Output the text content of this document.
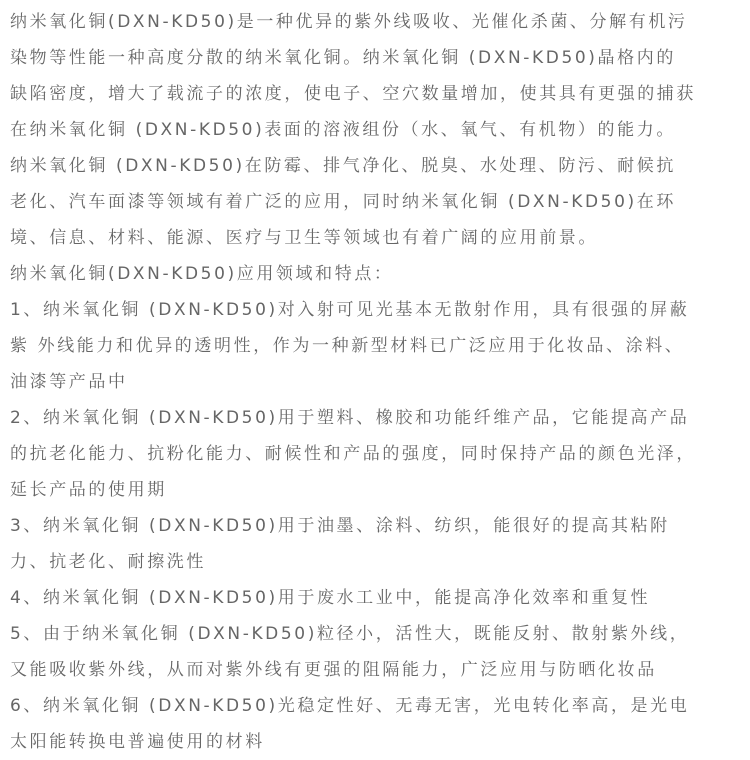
纳米氧化铜(DXN-KD50)是一种优异的紫外线吸收、光催化杀菌、分解有机污
染物等性能一种高度分散的纳米氧化铜。纳米氧化铜 (DXN-KD50)晶格内的
缺陷密度，增大了载流子的浓度，使电子、空穴数量增加，使其具有更强的捕获
在纳米氧化铜 (DXN-KD50)表面的溶液组份（水、氧气、有机物）的能力。
纳米氧化铜 (DXN-KD50)在防霉、排气净化、脱臭、水处理、防污、耐候抗
老化、汽车面漆等领域有着广泛的应用，同时纳米氧化铜 (DXN-KD50)在环
境、信息、材料、能源、医疗与卫生等领域也有着广阔的应用前景。
纳米氧化铜(DXN-KD50)应用领域和特点：
1、纳米氧化铜 (DXN-KD50)对入射可见光基本无散射作用，具有很强的屏蔽
紫 外线能力和优异的透明性，作为一种新型材料已广泛应用于化妆品、涂料、
油漆等产品中
2、纳米氧化铜 (DXN-KD50)用于塑料、橡胶和功能纤维产品，它能提高产品
的抗老化能力、抗粉化能力、耐候性和产品的强度，同时保持产品的颜色光泽，
延长产品的使用期
3、纳米氧化铜 (DXN-KD50)用于油墨、涂料、纺织，能很好的提高其粘附
力、抗老化、耐擦洗性
4、纳米氧化铜 (DXN-KD50)用于废水工业中，能提高净化效率和重复性
5、由于纳米氧化铜 (DXN-KD50)粒径小，活性大，既能反射、散射紫外线，
又能吸收紫外线，从而对紫外线有更强的阻隔能力，广泛应用与防晒化妆品
6、纳米氧化铜 (DXN-KD50)光稳定性好、无毒无害，光电转化率高，是光电
太阳能转换电普遍使用的材料
